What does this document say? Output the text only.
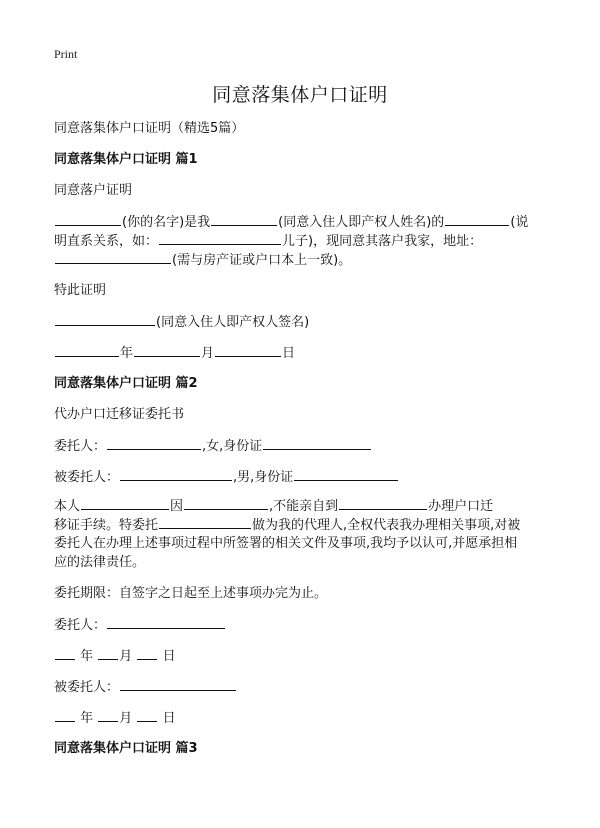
Print
同意落集体户口证明
同意落集体户口证明（精选5篇）
同意落集体户口证明 篇1
同意落户证明
(你的名字)是我	(同意入住人即产权人姓名)的	(说
明直系关系，如：	儿子)，现同意其落户我家，地址：
(需与房产证或户口本上一致)。
特此证明
(同意入住人即产权人签名)
年	月	日
同意落集体户口证明 篇2
代办户口迁移证委托书
委托人：	,女,身份证
被委托人：	,男,身份证
本人	因	,不能亲自到	办理户口迁
移证手续。特委托	做为我的代理人,全权代表我办理相关事项,对被
委托人在办理上述事项过程中所签署的相关文件及事项,我均予以认可,并愿承担相
应的法律责任。
委托期限：自签字之日起至上述事项办完为止。
委托人：
年 月 日
被委托人：
年 月 日
同意落集体户口证明 篇3
